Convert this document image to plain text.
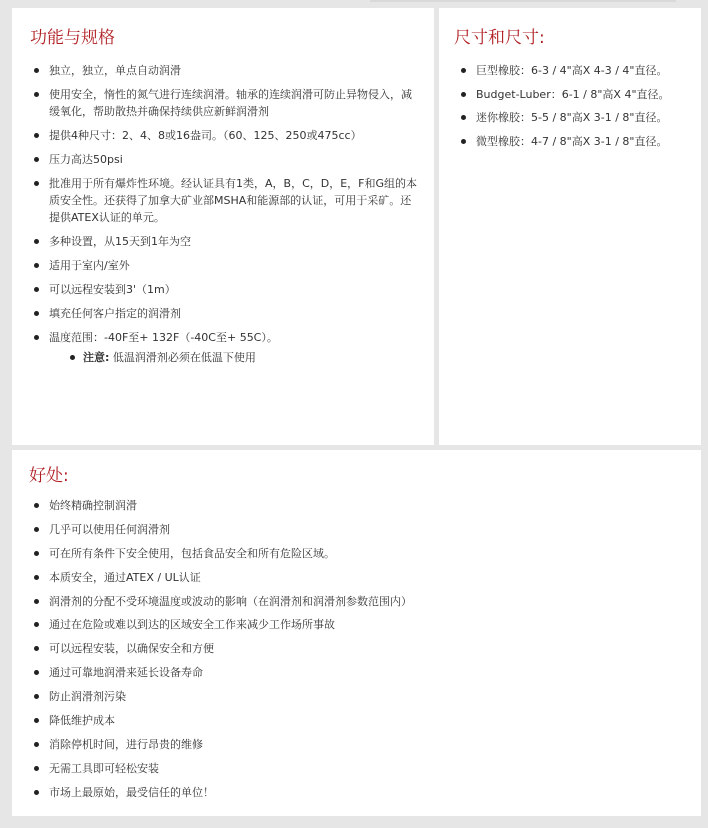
功能与规格
独立，独立，单点自动润滑
使用安全，惰性的氮气进行连续润滑。轴承的连续润滑可防止异物侵入，减缓氧化，帮助散热并确保持续供应新鲜润滑剂
提供4种尺寸：2、4、8或16盎司。（60、125、250或475cc）
压力高达50psi
批准用于所有爆炸性环境。经认证具有1类，A，B，C，D，E，F和G组的本质安全性。还获得了加拿大矿业部MSHA和能源部的认证，可用于采矿。还提供ATEX认证的单元。
多种设置，从15天到1年为空
适用于室内/室外
可以远程安装到3'（1m）
填充任何客户指定的润滑剂
温度范围：-40F至+ 132F（-40C至+ 55C）。
注意: 低温润滑剂必须在低温下使用
尺寸和尺寸:
巨型橡胶：6-3 / 4"高X 4-3 / 4"直径。
Budget-Luber：6-1 / 8"高X 4"直径。
迷你橡胶：5-5 / 8"高X 3-1 / 8"直径。
微型橡胶：4-7 / 8"高X 3-1 / 8"直径。
好处:
始终精确控制润滑
几乎可以使用任何润滑剂
可在所有条件下安全使用，包括食品安全和所有危险区域。
本质安全，通过ATEX / UL认证
润滑剂的分配不受环境温度或波动的影响（在润滑剂和润滑剂参数范围内）
通过在危险或难以到达的区域安全工作来减少工作场所事故
可以远程安装，以确保安全和方便
通过可靠地润滑来延长设备寿命
防止润滑剂污染
降低维护成本
消除停机时间，进行昂贵的维修
无需工具即可轻松安装
市场上最原始，最受信任的单位！
